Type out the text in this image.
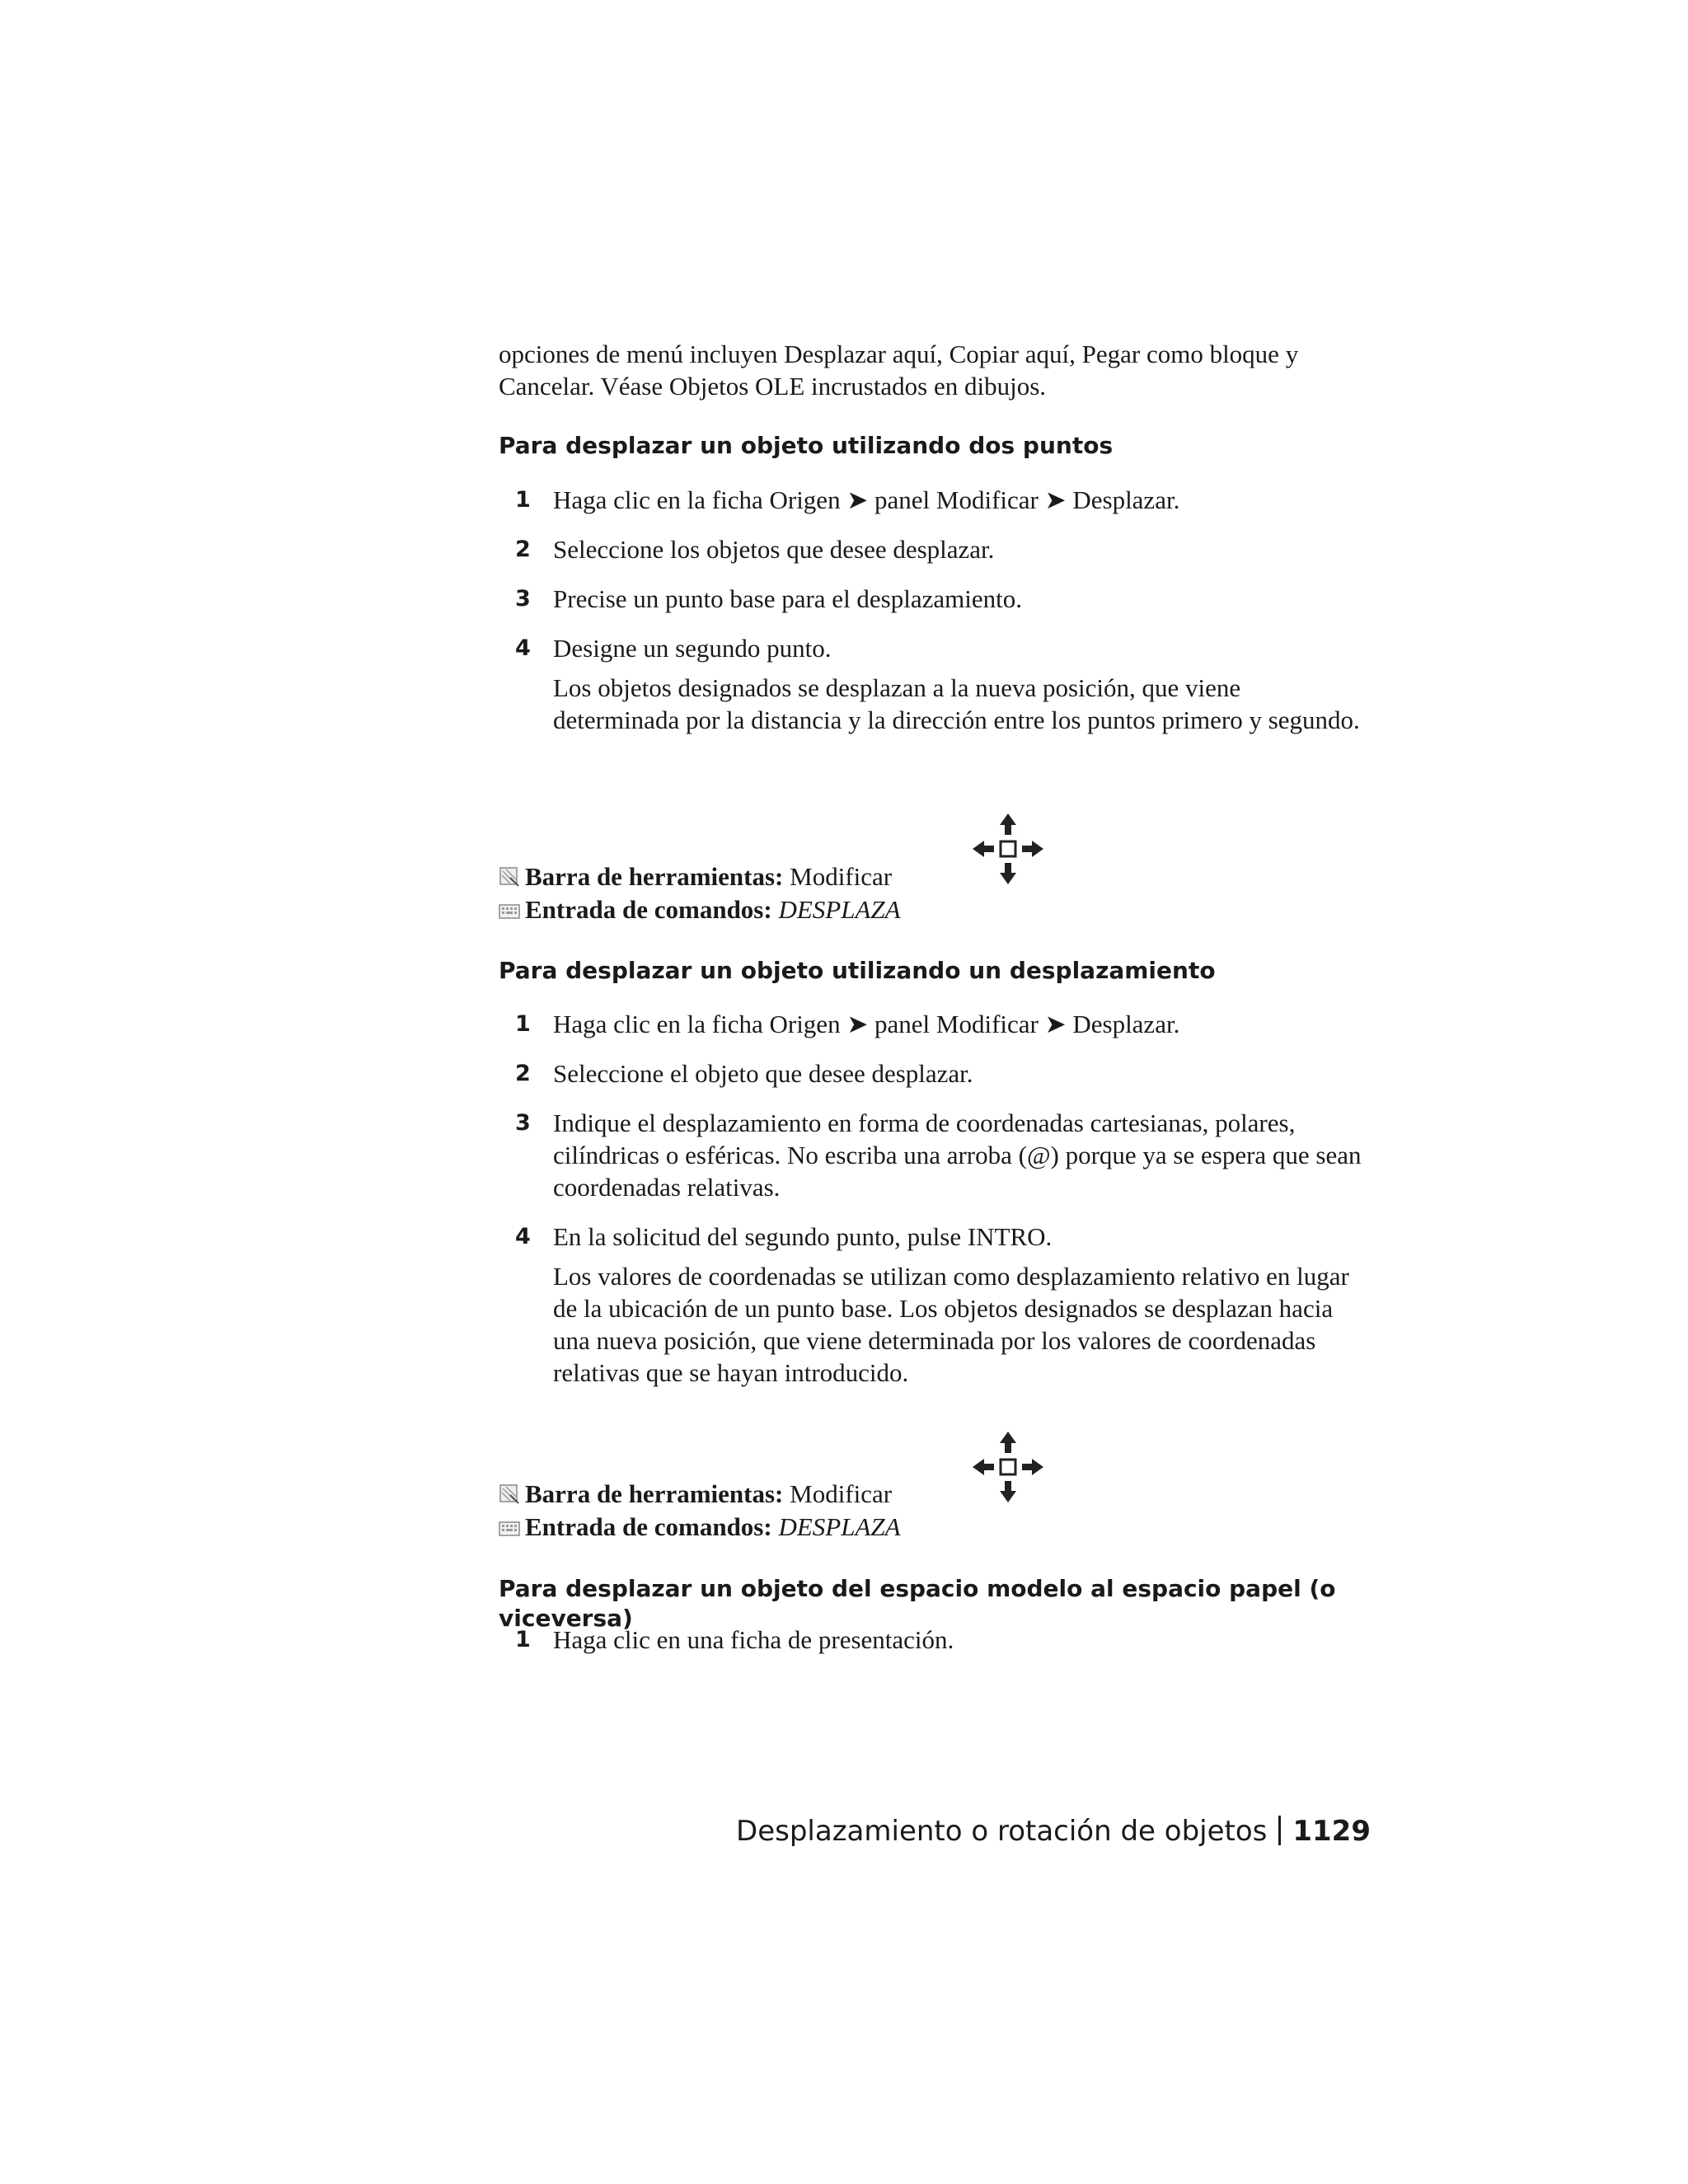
opciones de menú incluyen Desplazar aquí, Copiar aquí, Pegar como bloque y Cancelar. Véase Objetos OLE incrustados en dibujos.
Para desplazar un objeto utilizando dos puntos
1 Haga clic en la ficha Origen ➤ panel Modificar ➤ Desplazar.
2 Seleccione los objetos que desee desplazar.
3 Precise un punto base para el desplazamiento.
4 Designe un segundo punto.
Los objetos designados se desplazan a la nueva posición, que viene determinada por la distancia y la dirección entre los puntos primero y segundo.
Barra de herramientas: Modificar
Entrada de comandos: DESPLAZA
Para desplazar un objeto utilizando un desplazamiento
1 Haga clic en la ficha Origen ➤ panel Modificar ➤ Desplazar.
2 Seleccione el objeto que desee desplazar.
3 Indique el desplazamiento en forma de coordenadas cartesianas, polares, cilíndricas o esféricas. No escriba una arroba (@) porque ya se espera que sean coordenadas relativas.
4 En la solicitud del segundo punto, pulse INTRO.
Los valores de coordenadas se utilizan como desplazamiento relativo en lugar de la ubicación de un punto base. Los objetos designados se desplazan hacia una nueva posición, que viene determinada por los valores de coordenadas relativas que se hayan introducido.
Barra de herramientas: Modificar
Entrada de comandos: DESPLAZA
Para desplazar un objeto del espacio modelo al espacio papel (o viceversa)
1 Haga clic en una ficha de presentación.
Desplazamiento o rotación de objetos 1129
